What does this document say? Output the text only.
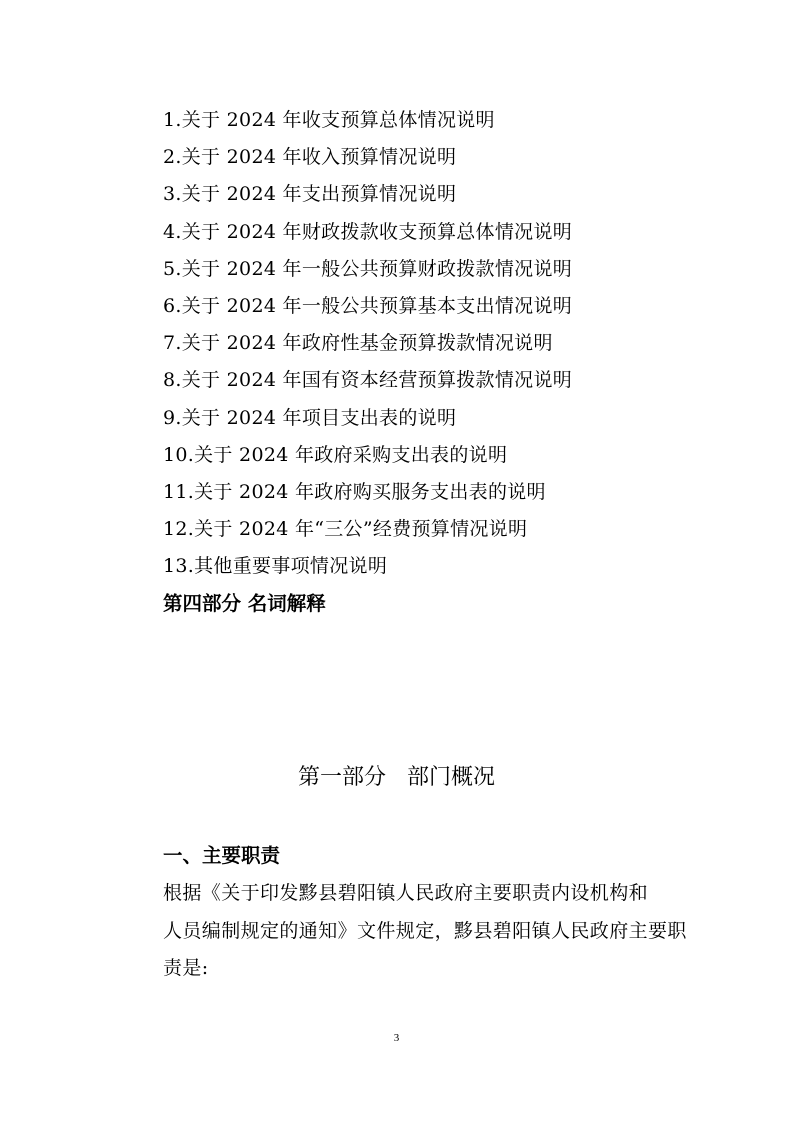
1.关于 2024 年收支预算总体情况说明
2.关于 2024 年收入预算情况说明
3.关于 2024 年支出预算情况说明
4.关于 2024 年财政拨款收支预算总体情况说明
5.关于 2024 年一般公共预算财政拨款情况说明
6.关于 2024 年一般公共预算基本支出情况说明
7.关于 2024 年政府性基金预算拨款情况说明
8.关于 2024 年国有资本经营预算拨款情况说明
9.关于 2024 年项目支出表的说明
10.关于 2024 年政府采购支出表的说明
11.关于 2024 年政府购买服务支出表的说明
12.关于 2024 年“三公”经费预算情况说明
13.其他重要事项情况说明
第四部分 名词解释
第一部分   部门概况
一、主要职责
根据《关于印发黟县碧阳镇人民政府主要职责内设机构和
人员编制规定的通知》文件规定，黟县碧阳镇人民政府主要职
责是:
3
